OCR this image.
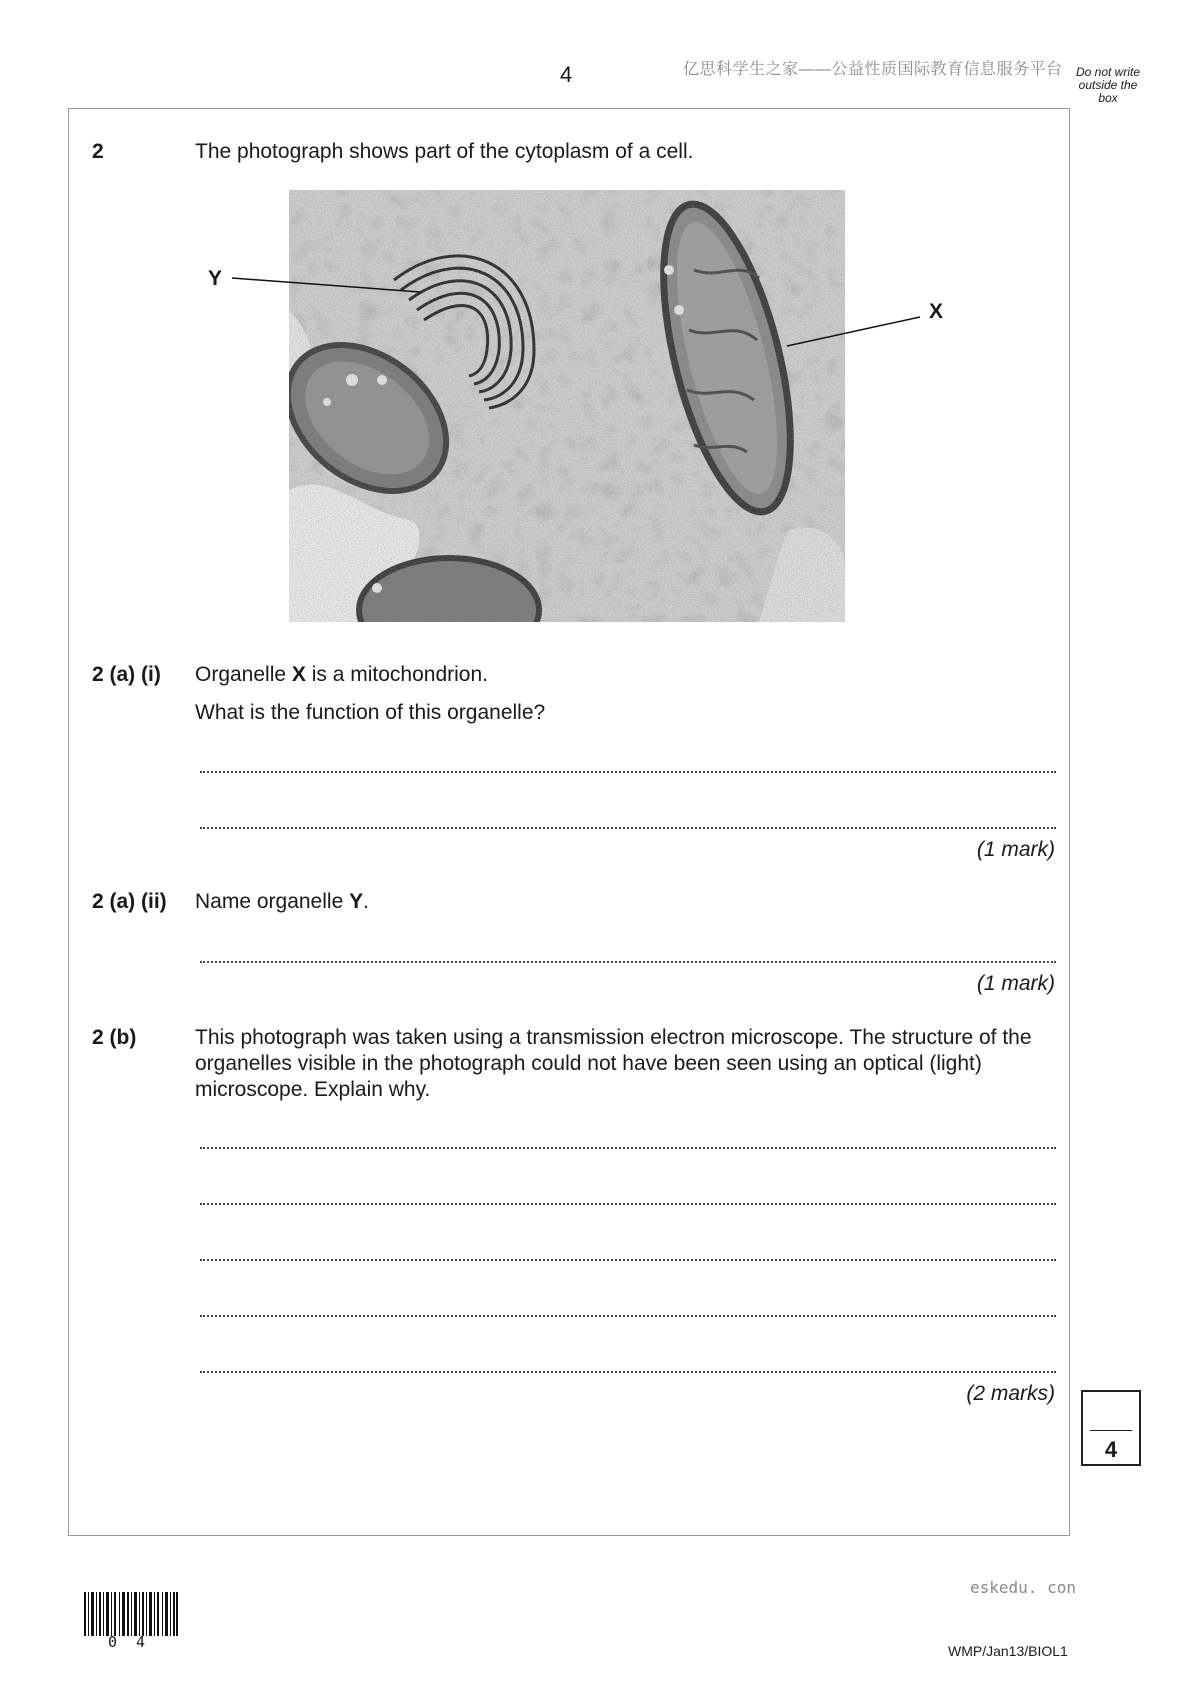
4	亿思科学生之家——公益性质国际教育信息服务平台	Do not write outside the box
2	The photograph shows part of the cytoplasm of a cell.
Y
X
2 (a) (i) Organelle X is a mitochondrion.
What is the function of this organelle?
(1 mark)
2 (a) (ii) Name organelle Y.
(1 mark)
2 (b)	This photograph was taken using a transmission electron microscope. The structure of the organelles visible in the photograph could not have been seen using an optical (light) microscope. Explain why.
(2 marks)
4
eskedu. con
0 4	WMP/Jan13/BIOL1
